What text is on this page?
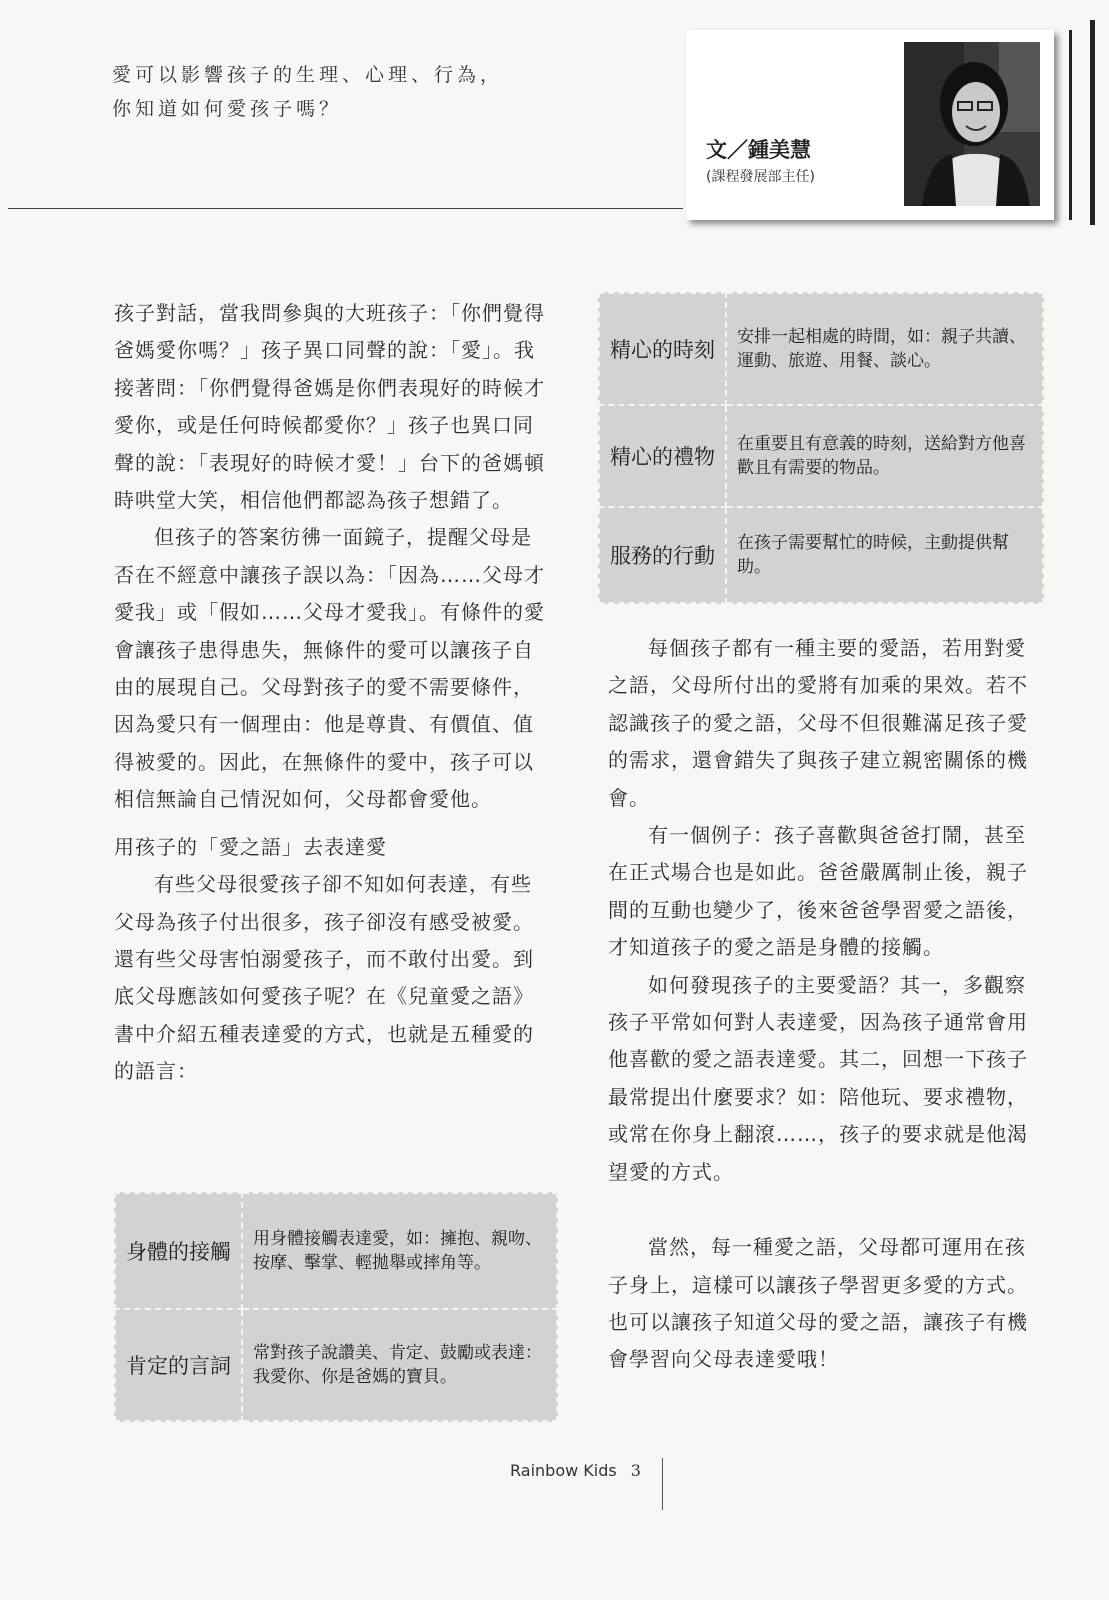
愛可以影響孩子的生理、心理、行為，

你知道如何愛孩子嗎？

文／鍾美慧
(課程發展部主任)

孩子對話，當我問參與的大班孩子：「你們覺得爸媽愛你嗎？」孩子異口同聲的說：「愛」。我接著問：「你們覺得爸媽是你們表現好的時候才愛你，或是任何時候都愛你？」孩子也異口同聲的說：「表現好的時候才愛！」台下的爸媽頓時哄堂大笑，相信他們都認為孩子想錯了。

但孩子的答案彷彿一面鏡子，提醒父母是否在不經意中讓孩子誤以為：「因為……父母才愛我」或「假如……父母才愛我」。有條件的愛會讓孩子患得患失，無條件的愛可以讓孩子自由的展現自己。父母對孩子的愛不需要條件，因為愛只有一個理由：他是尊貴、有價值、值得被愛的。因此，在無條件的愛中，孩子可以相信無論自己情況如何，父母都會愛他。

用孩子的「愛之語」去表達愛

有些父母很愛孩子卻不知如何表達，有些父母為孩子付出很多，孩子卻沒有感受被愛。還有些父母害怕溺愛孩子，而不敢付出愛。到底父母應該如何愛孩子呢？在《兒童愛之語》書中介紹五種表達愛的方式，也就是五種愛的的語言：

身體的接觸	用身體接觸表達愛，如：擁抱、親吻、按摩、擊掌、輕拋舉或摔角等。
肯定的言詞	常對孩子說讚美、肯定、鼓勵或表達：我愛你、你是爸媽的寶貝。
精心的時刻	安排一起相處的時間，如：親子共讀、運動、旅遊、用餐、談心。
精心的禮物	在重要且有意義的時刻，送給對方他喜歡且有需要的物品。
服務的行動	在孩子需要幫忙的時候，主動提供幫助。

每個孩子都有一種主要的愛語，若用對愛之語，父母所付出的愛將有加乘的果效。若不認識孩子的愛之語，父母不但很難滿足孩子愛的需求，還會錯失了與孩子建立親密關係的機會。

有一個例子：孩子喜歡與爸爸打鬧，甚至在正式場合也是如此。爸爸嚴厲制止後，親子間的互動也變少了，後來爸爸學習愛之語後，才知道孩子的愛之語是身體的接觸。

如何發現孩子的主要愛語？其一，多觀察孩子平常如何對人表達愛，因為孩子通常會用他喜歡的愛之語表達愛。其二，回想一下孩子最常提出什麼要求？如：陪他玩、要求禮物，或常在你身上翻滾……，孩子的要求就是他渴望愛的方式。

當然，每一種愛之語，父母都可運用在孩子身上，這樣可以讓孩子學習更多愛的方式。也可以讓孩子知道父母的愛之語，讓孩子有機會學習向父母表達愛哦！

Rainbow Kids 3
